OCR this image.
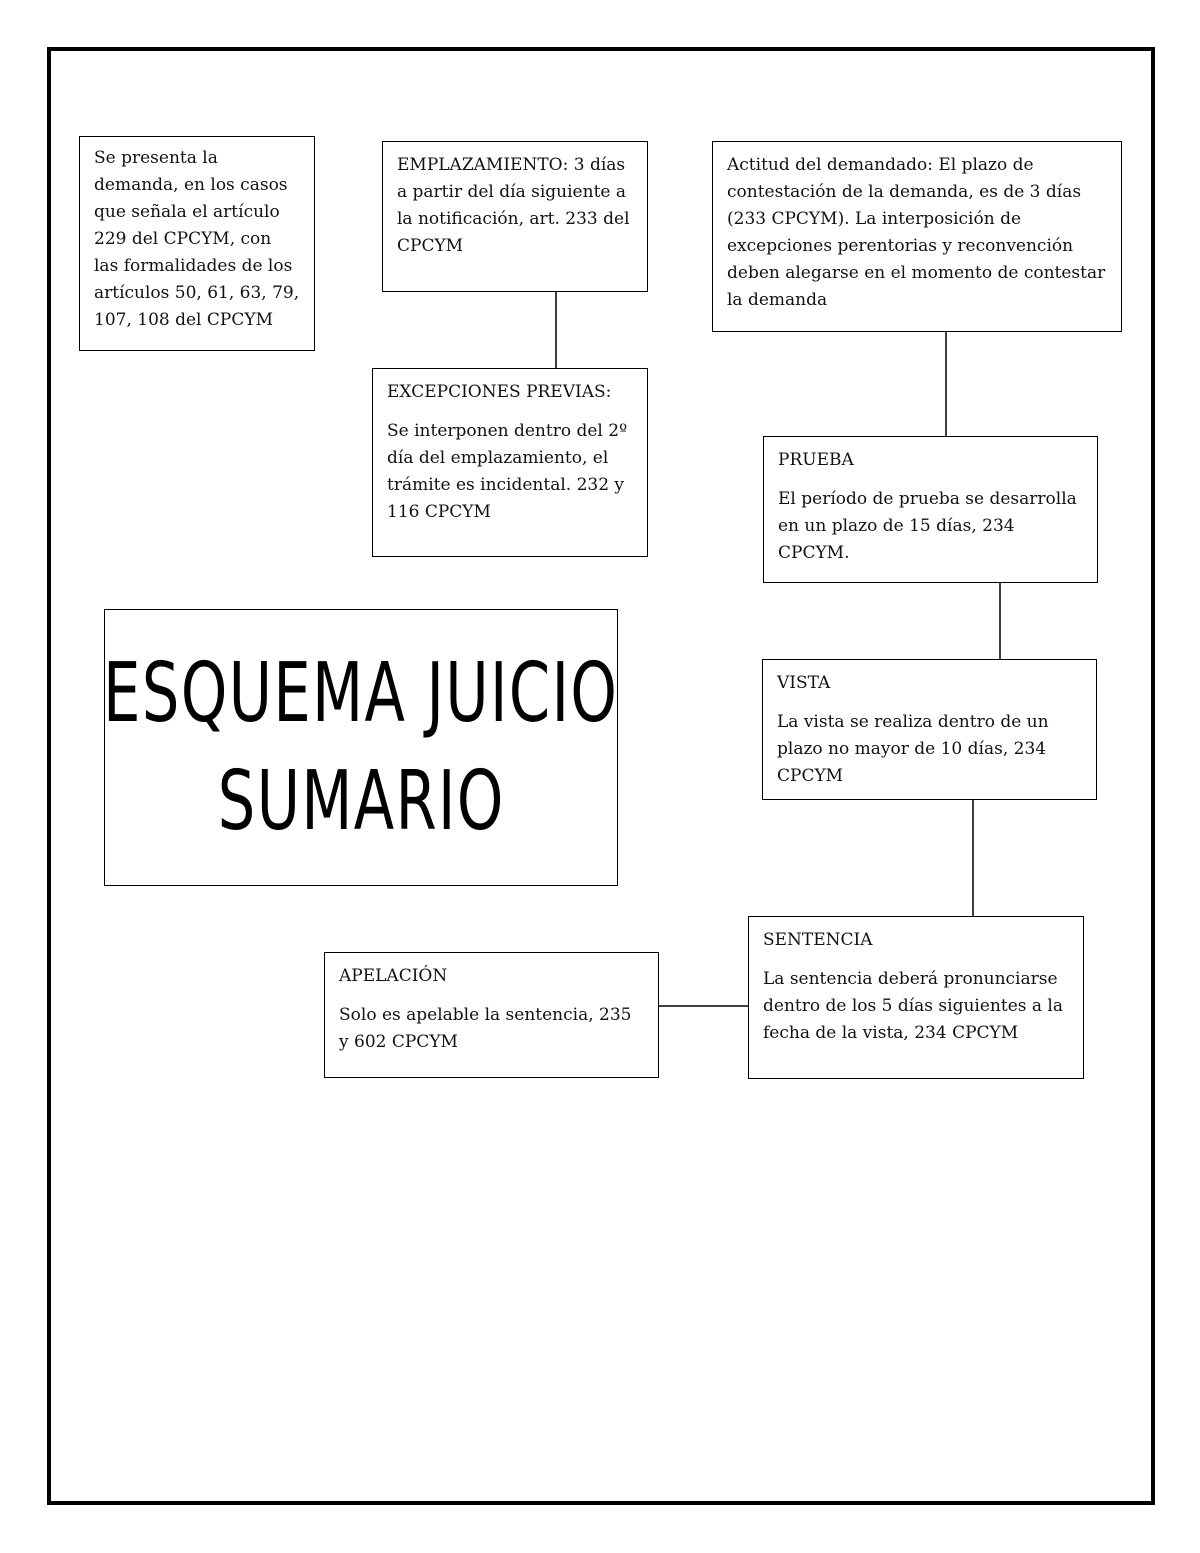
Se presenta la demanda, en los casos que señala el artículo 229 del CPCYM, con las formalidades de los artículos 50, 61, 63, 79, 107, 108 del CPCYM

EMPLAZAMIENTO: 3 días a partir del día siguiente a la notificación, art. 233 del CPCYM

EXCEPCIONES PREVIAS:

Se interponen dentro del 2º día del emplazamiento, el trámite es incidental. 232 y 116 CPCYM

Actitud del demandado: El plazo de contestación de la demanda, es de 3 días (233 CPCYM). La interposición de excepciones perentorias y reconvención deben alegarse en el momento de contestar la demanda

PRUEBA

El período de prueba se desarrolla en un plazo de 15 días, 234 CPCYM.

VISTA

La vista se realiza dentro de un plazo no mayor de 10 días, 234 CPCYM

SENTENCIA

La sentencia deberá pronunciarse dentro de los 5 días siguientes a la fecha de la vista, 234 CPCYM

APELACIÓN

Solo es apelable la sentencia, 235 y 602 CPCYM

ESQUEMA JUICIO
SUMARIO
